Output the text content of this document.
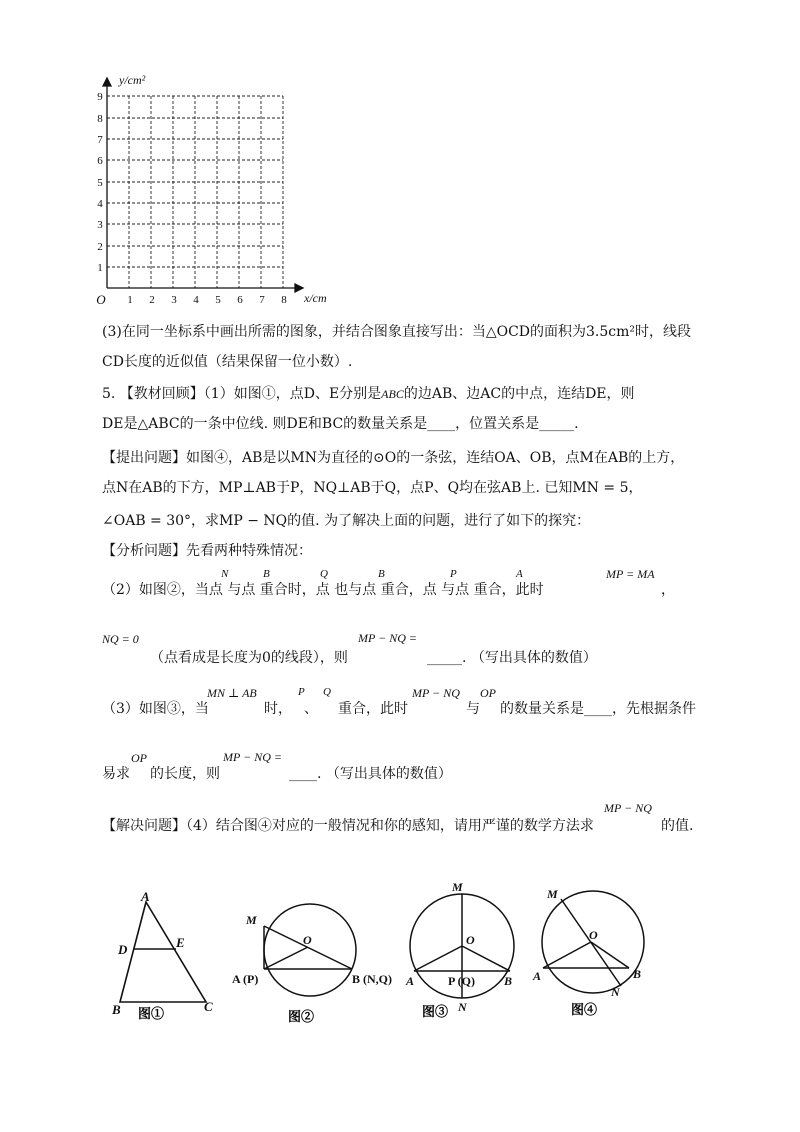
1 2 3 4 5 6 7 8
1
2
3
4
5
6
7
8
9
O
y/cm²
x/cm
(3)在同一坐标系中画出所需的图象，并结合图象直接写出：当△OCD的面积为3.5cm²时，线段
CD长度的近似值（结果保留一位小数）.
5. 【教材回顾】（1）如图①，点D、E分别是ABC的边AB、边AC的中点，连结DE，则
DE是△ABC的一条中位线. 则DE和BC的数量关系是____，位置关系是_____.
【提出问题】如图④，AB是以MN为直径的⊙O的一条弦，连结OA、OB，点M在AB的上方，
点N在AB的下方，MP⊥AB于P，NQ⊥AB于Q，点P、Q均在弦AB上. 已知MN = 5，
∠OAB = 30°，求MP − NQ的值. 为了解决上面的问题，进行了如下的探究：
【分析问题】先看两种特殊情况：
（2）如图②，当点 与点 重合时，点 也与点 重合，点 与点 重合，此时
N	B	Q	B	P	A	MP = MA
，
NQ = 0
（点看成是长度为0的线段），则
MP − NQ =
_____. （写出具体的数值）
（3）如图③，当
MN ⊥ AB
时，
P
、
Q
重合，此时
MP − NQ
与
OP
的数量关系是____，先根据条件
易求
OP
的长度，则
MP − NQ =
____. （写出具体的数值）
【解决问题】（4）结合图④对应的一般情况和你的感知，请用严谨的数学方法求
MP − NQ
的值.
A
D	E
B	C
图①
M
O
A (P)	B (N,Q)
图②
M
O
A	B
P (Q)
N
图③
M
O
A	B
N
图④
